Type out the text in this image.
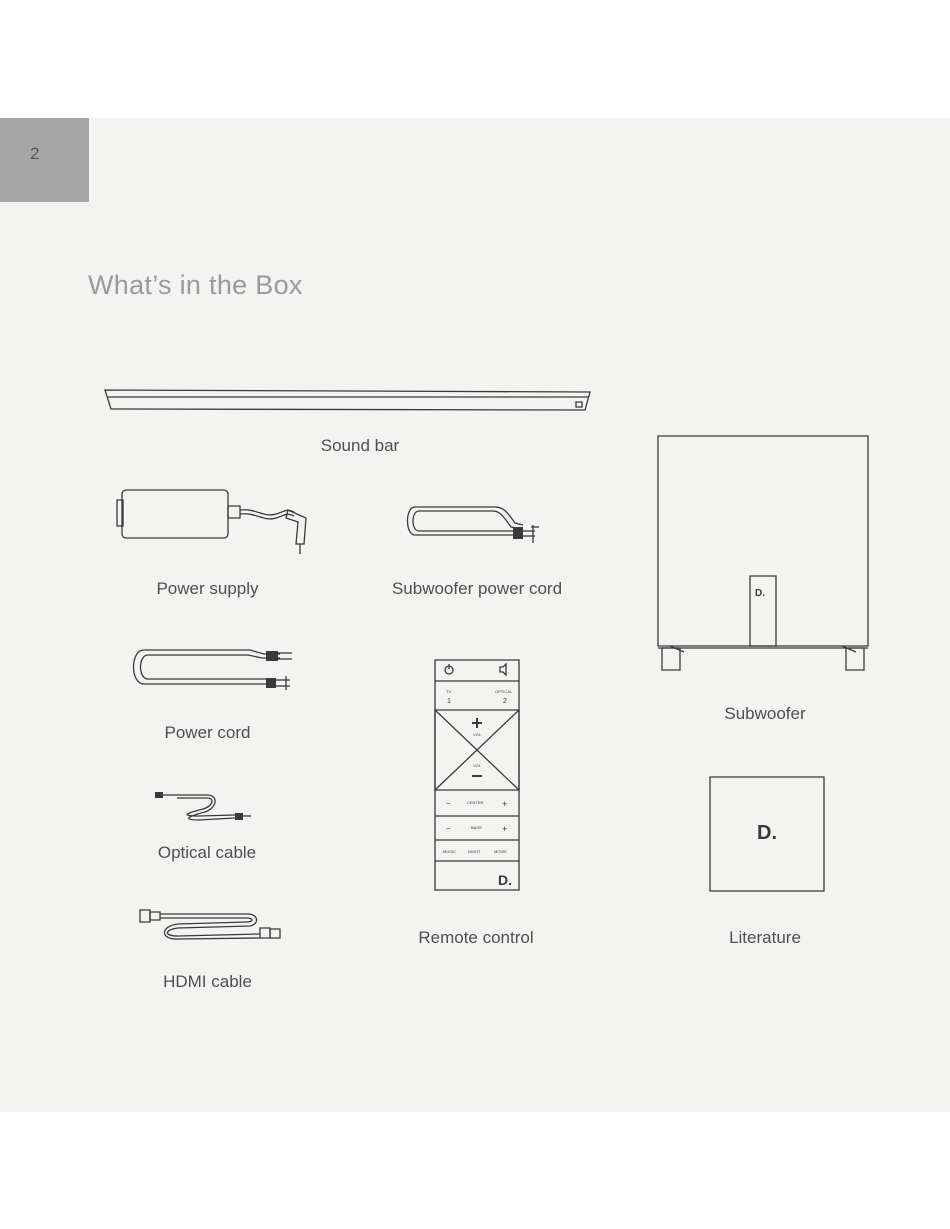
2
What’s in the Box
Sound bar
Power supply	Subwoofer power cord
Power cord
Optical cable
HDMI cable
TV
1
OPTICAL
2
VOL
VOL
−	CENTER +
−	BASS +
MUSIC	NIGHT	MOVIE
D.
Remote control
D.
Subwoofer
D.
Literature
